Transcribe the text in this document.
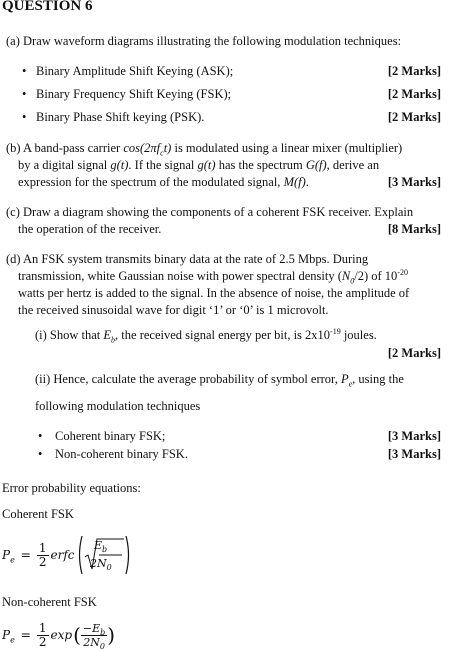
QUESTION 6
(a) Draw waveform diagrams illustrating the following modulation techniques:
• Binary Amplitude Shift Keying (ASK);	[2 Marks]
• Binary Frequency Shift Keying (FSK);	[2 Marks]
• Binary Phase Shift keying (PSK).	[2 Marks]
(b) A band-pass carrier $\cos(2\pi f_ct)$ is modulated using a linear mixer (multiplier)
by a digital signal g(t). If the signal g(t) has the spectrum G(f), derive an
expression for the spectrum of the modulated signal, M(f).	[3 Marks]
(c) Draw a diagram showing the components of a coherent FSK receiver. Explain
the operation of the receiver.	[8 Marks]
(d) An FSK system transmits binary data at the rate of 2.5 Mbps. During
transmission, white Gaussian noise with power spectral density $(N_0/2)$ of $10^{-20}$
watts per hertz is added to the signal. In the absence of noise, the amplitude of
the received sinusoidal wave for digit ‘1’ or ‘0’ is 1 microvolt.
(i) Show that $E_b$, the received signal energy per bit, is $2x10^{-19}$ joules.
[2 Marks]
(ii) Hence, calculate the average probability of symbol error, $P_e$, using the
following modulation techniques
• Coherent binary FSK;	[3 Marks]
• Non-coherent binary FSK.	[3 Marks]
Error probability equations:
Coherent FSK
$P_e = \frac{1}{2}$ erfc
$E_b$
$2N_0$
Non-coherent FSK
$P_e = \frac{1}{2}$ exp ( $\frac{-E_b}{2N_0}$ )
